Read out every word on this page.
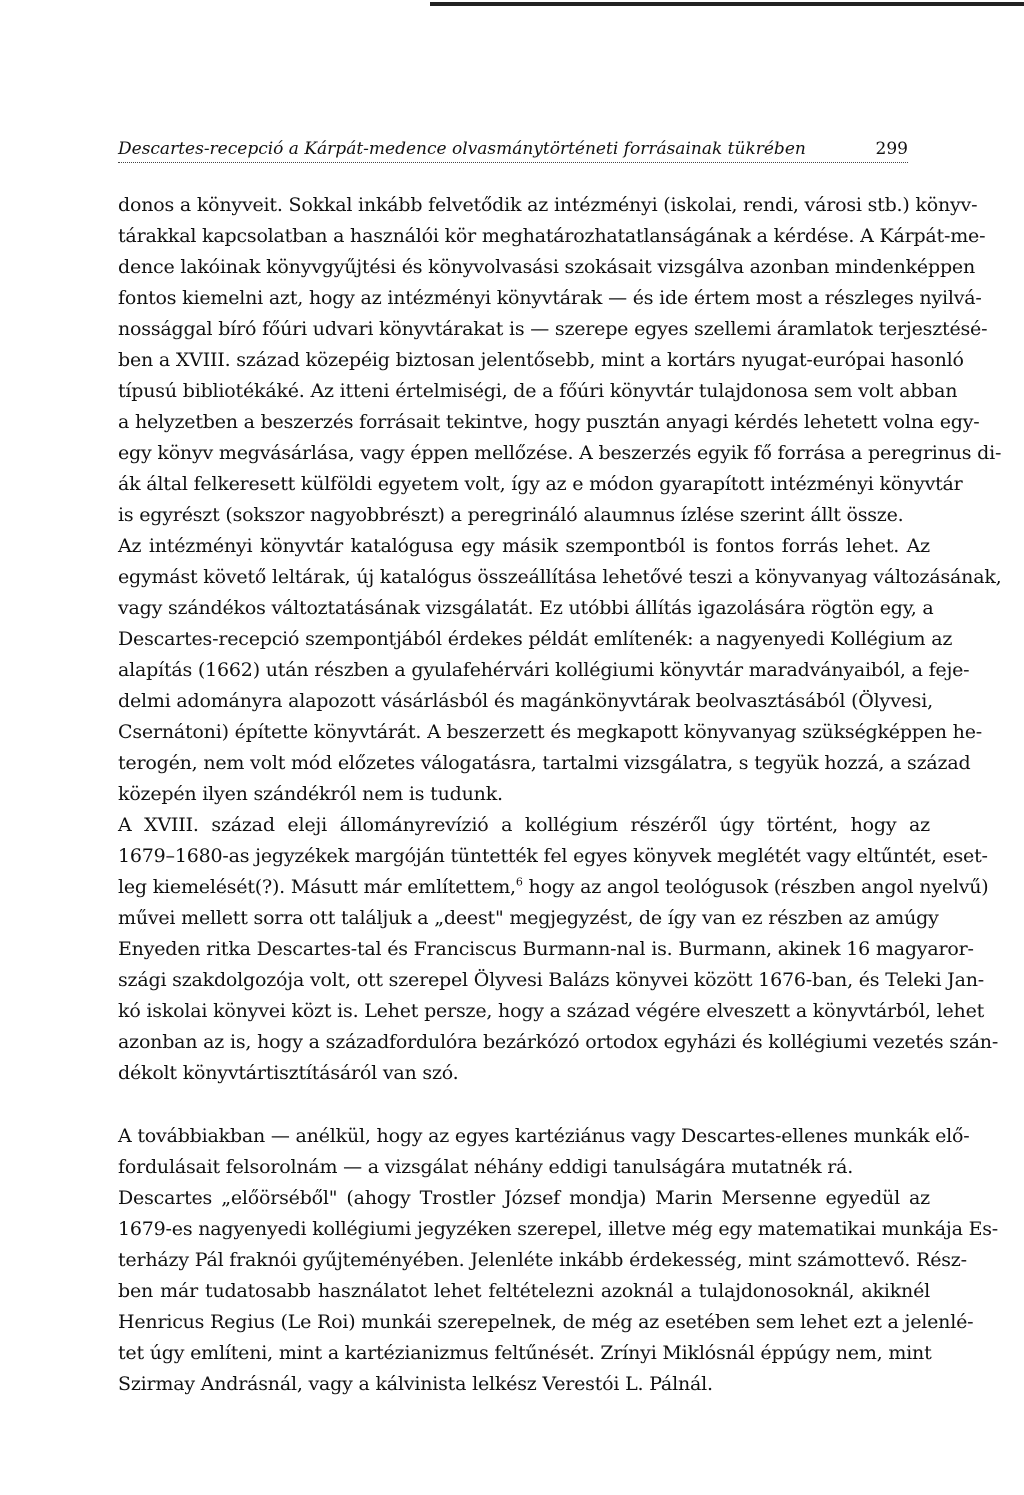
Descartes-recepció a Kárpát-medence olvasmánytörténeti forrásainak tükrében	299
donos a könyveit. Sokkal inkább felvetődik az intézményi (iskolai, rendi, városi stb.) könyv-
tárakkal kapcsolatban a használói kör meghatározhatatlanságának a kérdése. A Kárpát-me-
dence lakóinak könyvgyűjtési és könyvolvasási szokásait vizsgálva azonban mindenképpen
fontos kiemelni azt, hogy az intézményi könyvtárak — és ide értem most a részleges nyilvá-
nossággal bíró főúri udvari könyvtárakat is — szerepe egyes szellemi áramlatok terjesztésé-
ben a XVIII. század közepéig biztosan jelentősebb, mint a kortárs nyugat-európai hasonló
típusú bibliotékáké. Az itteni értelmiségi, de a főúri könyvtár tulajdonosa sem volt abban
a helyzetben a beszerzés forrásait tekintve, hogy pusztán anyagi kérdés lehetett volna egy-
egy könyv megvásárlása, vagy éppen mellőzése. A beszerzés egyik fő forrása a peregrinus di-
ák által felkeresett külföldi egyetem volt, így az e módon gyarapított intézményi könyvtár
is egyrészt (sokszor nagyobbrészt) a peregrináló alaumnus ízlése szerint állt össze.
Az intézményi könyvtár katalógusa egy másik szempontból is fontos forrás lehet. Az
egymást követő leltárak, új katalógus összeállítása lehetővé teszi a könyvanyag változásának,
vagy szándékos változtatásának vizsgálatát. Ez utóbbi állítás igazolására rögtön egy, a
Descartes-recepció szempontjából érdekes példát említenék: a nagyenyedi Kollégium az
alapítás (1662) után részben a gyulafehérvári kollégiumi könyvtár maradványaiból, a feje-
delmi adományra alapozott vásárlásból és magánkönyvtárak beolvasztásából (Ölyvesi,
Csernátoni) építette könyvtárát. A beszerzett és megkapott könyvanyag szükségképpen he-
terogén, nem volt mód előzetes válogatásra, tartalmi vizsgálatra, s tegyük hozzá, a század
közepén ilyen szándékról nem is tudunk.
A XVIII. század eleji állományrevízió a kollégium részéről úgy történt, hogy az
1679–1680-as jegyzékek margóján tüntették fel egyes könyvek meglétét vagy eltűntét, eset-
leg kiemelését(?). Másutt már említettem,$^6$ hogy az angol teológusok (részben angol nyelvű)
művei mellett sorra ott találjuk a „deest" megjegyzést, de így van ez részben az amúgy
Enyeden ritka Descartes-tal és Franciscus Burmann-nal is. Burmann, akinek 16 magyaror-
szági szakdolgozója volt, ott szerepel Ölyvesi Balázs könyvei között 1676-ban, és Teleki Jan-
kó iskolai könyvei közt is. Lehet persze, hogy a század végére elveszett a könyvtárból, lehet
azonban az is, hogy a századfordulóra bezárkózó ortodox egyházi és kollégiumi vezetés szán-
dékolt könyvtártisztításáról van szó.
A továbbiakban — anélkül, hogy az egyes kartéziánus vagy Descartes-ellenes munkák elő-
fordulásait felsorolnám — a vizsgálat néhány eddigi tanulságára mutatnék rá.
Descartes „előörséből" (ahogy Trostler József mondja) Marin Mersenne egyedül az
1679-es nagyenyedi kollégiumi jegyzéken szerepel, illetve még egy matematikai munkája Es-
terházy Pál fraknói gyűjteményében. Jelenléte inkább érdekesség, mint számottevő. Rész-
ben már tudatosabb használatot lehet feltételezni azoknál a tulajdonosoknál, akiknél
Henricus Regius (Le Roi) munkái szerepelnek, de még az esetében sem lehet ezt a jelenlé-
tet úgy említeni, mint a kartézianizmus feltűnését. Zrínyi Miklósnál éppúgy nem, mint
Szirmay Andrásnál, vagy a kálvinista lelkész Verestói L. Pálnál.
